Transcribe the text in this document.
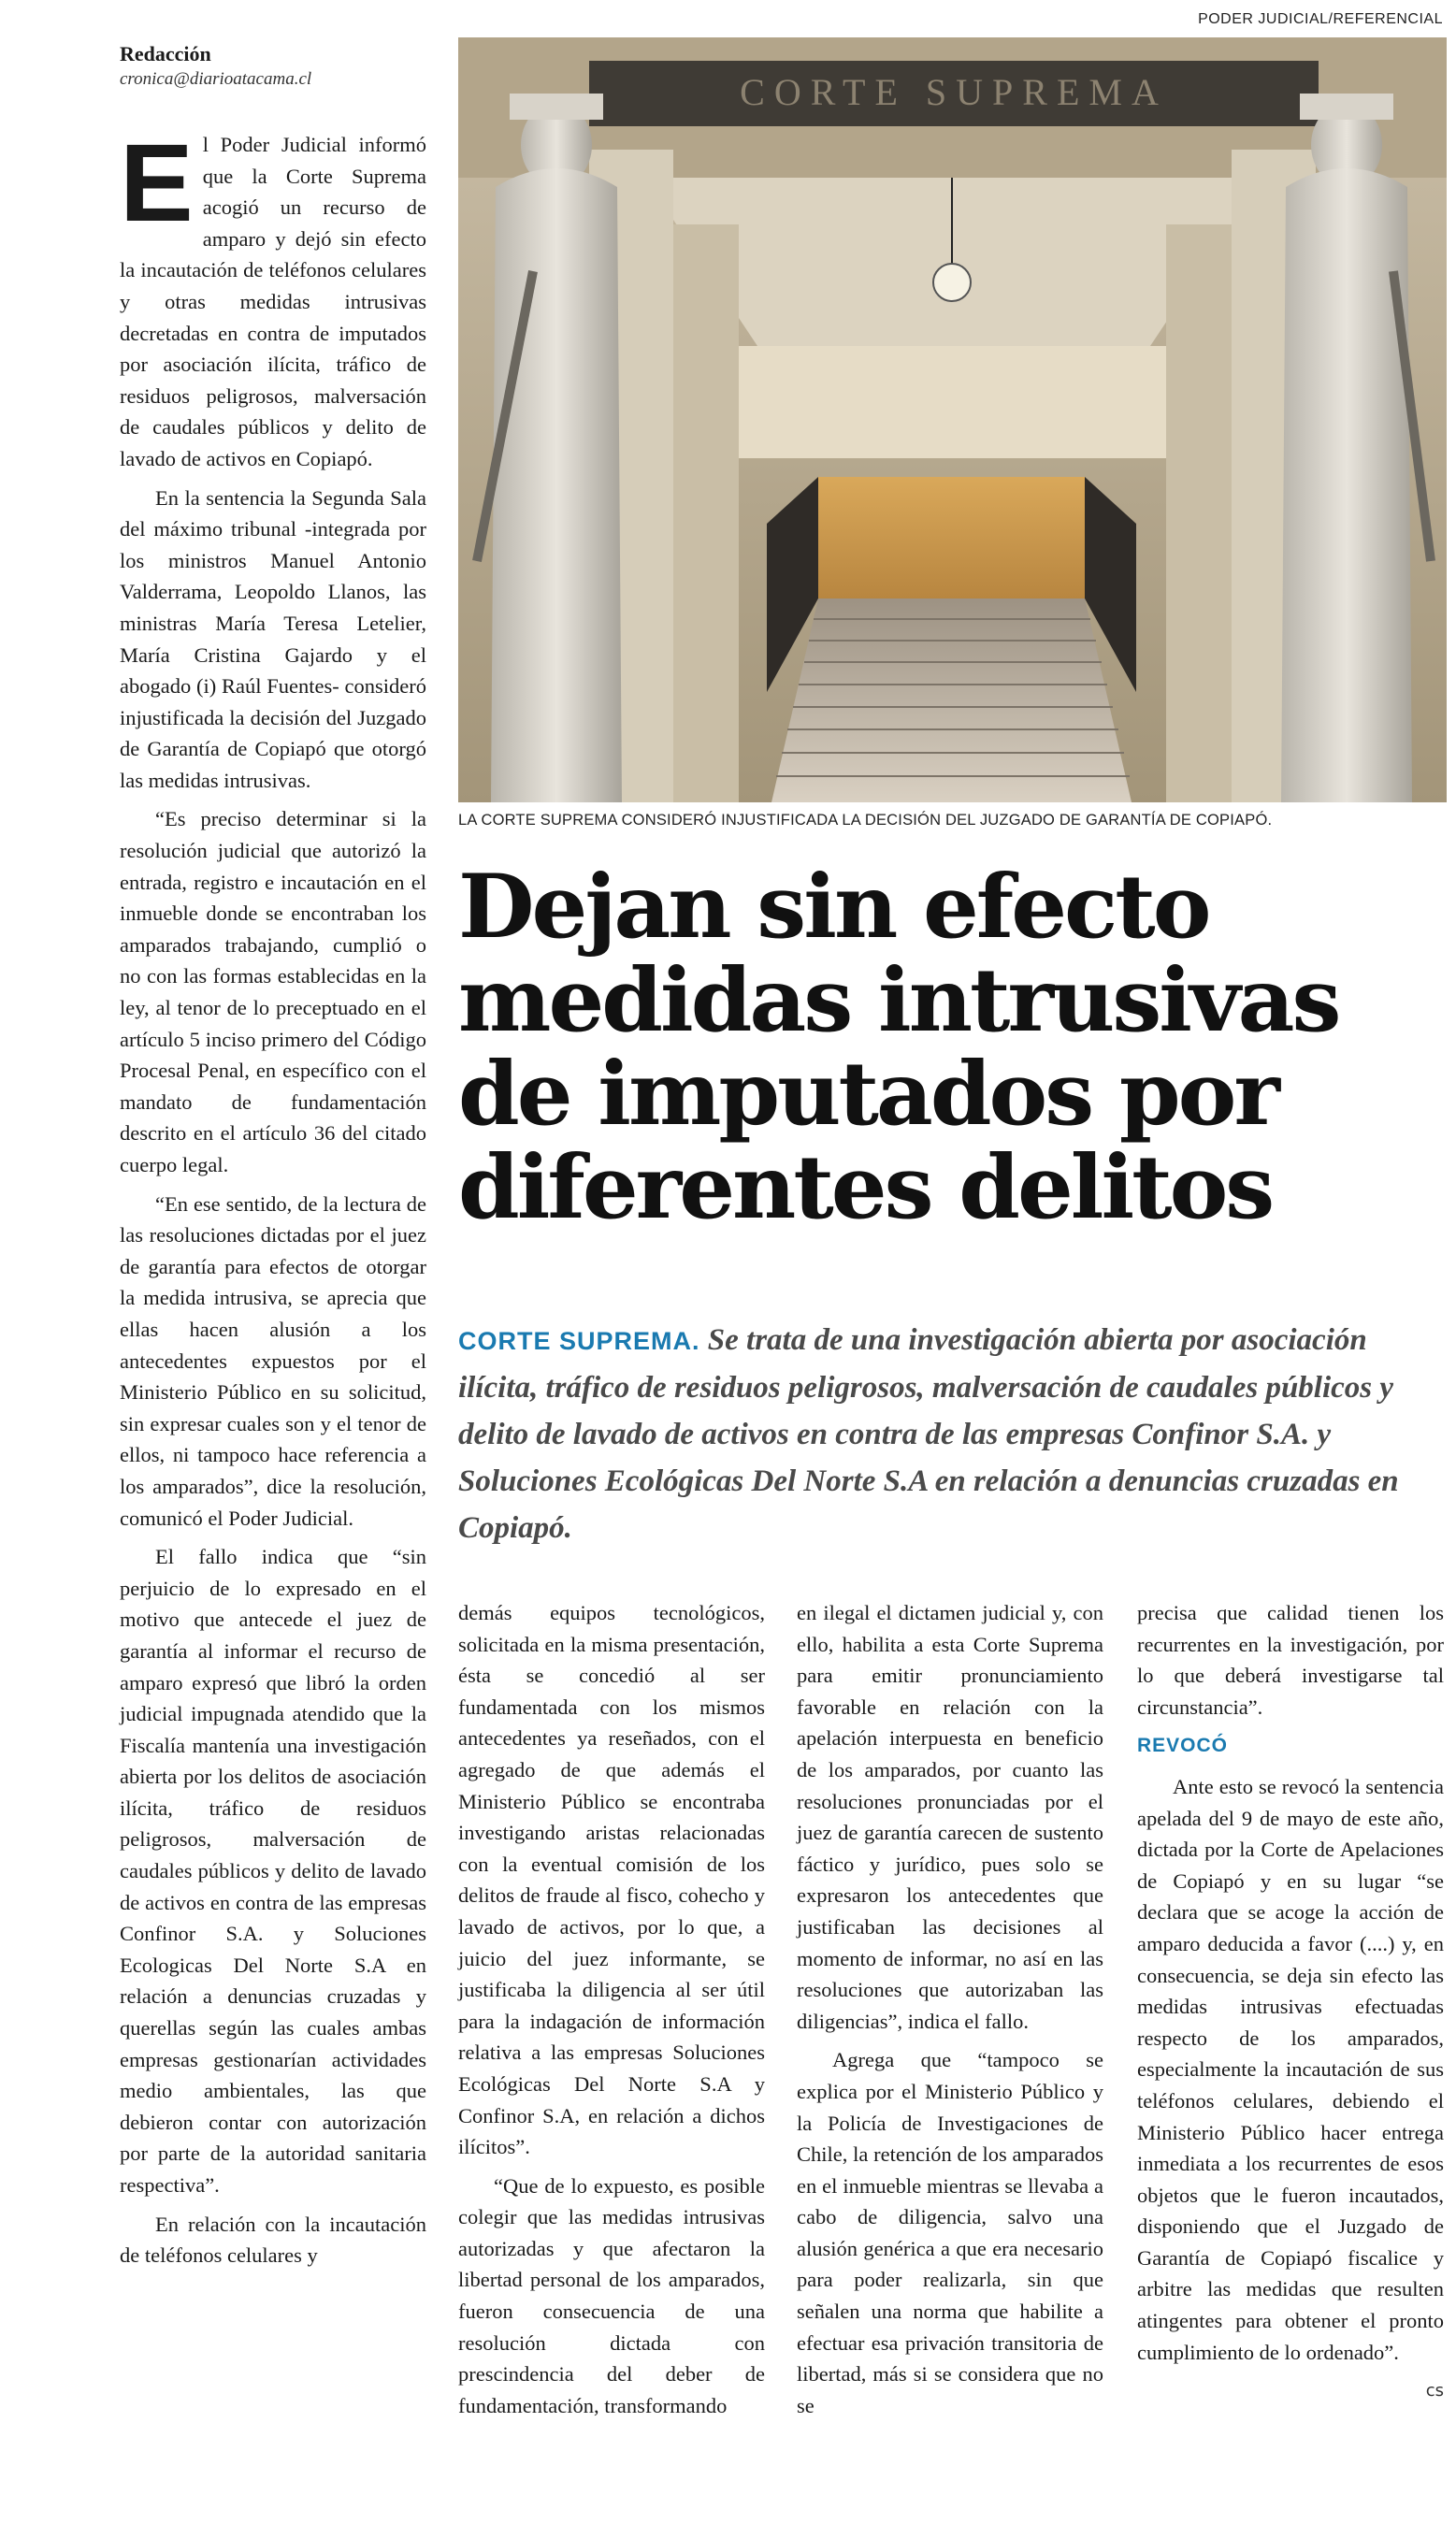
PODER JUDICIAL/REFERENCIAL
Redacción
cronica@diarioatacama.cl

El Poder Judicial informó que la Corte Suprema acogió un recurso de amparo y dejó sin efecto la incautación de teléfonos celulares y otras medidas intrusivas decretadas en contra de imputados por asociación ilícita, tráfico de residuos peligrosos, malversación de caudales públicos y delito de lavado de activos en Copiapó.

En la sentencia la Segunda Sala del máximo tribunal -integrada por los ministros Manuel Antonio Valderrama, Leopoldo Llanos, las ministras María Teresa Letelier, María Cristina Gajardo y el abogado (i) Raúl Fuentes- consideró injustificada la decisión del Juzgado de Garantía de Copiapó que otorgó las medidas intrusivas.

“Es preciso determinar si la resolución judicial que autorizó la entrada, registro e incautación en el inmueble donde se encontraban los amparados trabajando, cumplió o no con las formas establecidas en la ley, al tenor de lo preceptuado en el artículo 5 inciso primero del Código Procesal Penal, en específico con el mandato de fundamentación descrito en el artículo 36 del citado cuerpo legal.

“En ese sentido, de la lectura de las resoluciones dictadas por el juez de garantía para efectos de otorgar la medida intrusiva, se aprecia que ellas hacen alusión a los antecedentes expuestos por el Ministerio Público en su solicitud, sin expresar cuales son y el tenor de ellos, ni tampoco hace referencia a los amparados”, dice la resolución, comunicó el Poder Judicial.

El fallo indica que “sin perjuicio de lo expresado en el motivo que antecede el juez de garantía al informar el recurso de amparo expresó que libró la orden judicial impugnada atendido que la Fiscalía mantenía una investigación abierta por los delitos de asociación ilícita, tráfico de residuos peligrosos, malversación de caudales públicos y delito de lavado de activos en contra de las empresas Confinor S.A. y Soluciones Ecologicas Del Norte S.A en relación a denuncias cruzadas y querellas según las cuales ambas empresas gestionarían actividades medio ambientales, las que debieron contar con autorización por parte de la autoridad sanitaria respectiva”.

En relación con la incautación de teléfonos celulares y

CORTE SUPREMA
LA CORTE SUPREMA CONSIDERÓ INJUSTIFICADA LA DECISIÓN DEL JUZGADO DE GARANTÍA DE COPIAPÓ.
Dejan sin efecto medidas intrusivas de imputados por diferentes delitos

CORTE SUPREMA. Se trata de una investigación abierta por asociación ilícita, tráfico de residuos peligrosos, malversación de caudales públicos y delito de lavado de activos en contra de las empresas Confinor S.A. y Soluciones Ecológicas Del Norte S.A en relación a denuncias cruzadas en Copiapó.

demás equipos tecnológicos, solicitada en la misma presentación, ésta se concedió al ser fundamentada con los mismos antecedentes ya reseñados, con el agregado de que además el Ministerio Público se encontraba investigando aristas relacionadas con la eventual comisión de los delitos de fraude al fisco, cohecho y lavado de activos, por lo que, a juicio del juez informante, se justificaba la diligencia al ser útil para la indagación de información relativa a las empresas Soluciones Ecológicas Del Norte S.A y Confinor S.A, en relación a dichos ilícitos”.

“Que de lo expuesto, es posible colegir que las medidas intrusivas autorizadas y que afectaron la libertad personal de los amparados, fueron consecuencia de una resolución dictada con prescindencia del deber de fundamentación, transformando

en ilegal el dictamen judicial y, con ello, habilita a esta Corte Suprema para emitir pronunciamiento favorable en relación con la apelación interpuesta en beneficio de los amparados, por cuanto las resoluciones pronunciadas por el juez de garantía carecen de sustento fáctico y jurídico, pues solo se expresaron los antecedentes que justificaban las decisiones al momento de informar, no así en las resoluciones que autorizaban las diligencias”, indica el fallo.

Agrega que “tampoco se explica por el Ministerio Público y la Policía de Investigaciones de Chile, la retención de los amparados en el inmueble mientras se llevaba a cabo de diligencia, salvo una alusión genérica a que era necesario para poder realizarla, sin que señalen una norma que habilite a efectuar esa privación transitoria de libertad, más si se considera que no se

precisa que calidad tienen los recurrentes en la investigación, por lo que deberá investigarse tal circunstancia”.

REVOCÓ

Ante esto se revocó la sentencia apelada del 9 de mayo de este año, dictada por la Corte de Apelaciones de Copiapó y en su lugar “se declara que se acoge la acción de amparo deducida a favor (....) y, en consecuencia, se deja sin efecto las medidas intrusivas efectuadas respecto de los amparados, especialmente la incautación de sus teléfonos celulares, debiendo el Ministerio Público hacer entrega inmediata a los recurrentes de esos objetos que le fueron incautados, disponiendo que el Juzgado de Garantía de Copiapó fiscalice y arbitre las medidas que resulten atingentes para obtener el pronto cumplimiento de lo ordenado”.

cs
